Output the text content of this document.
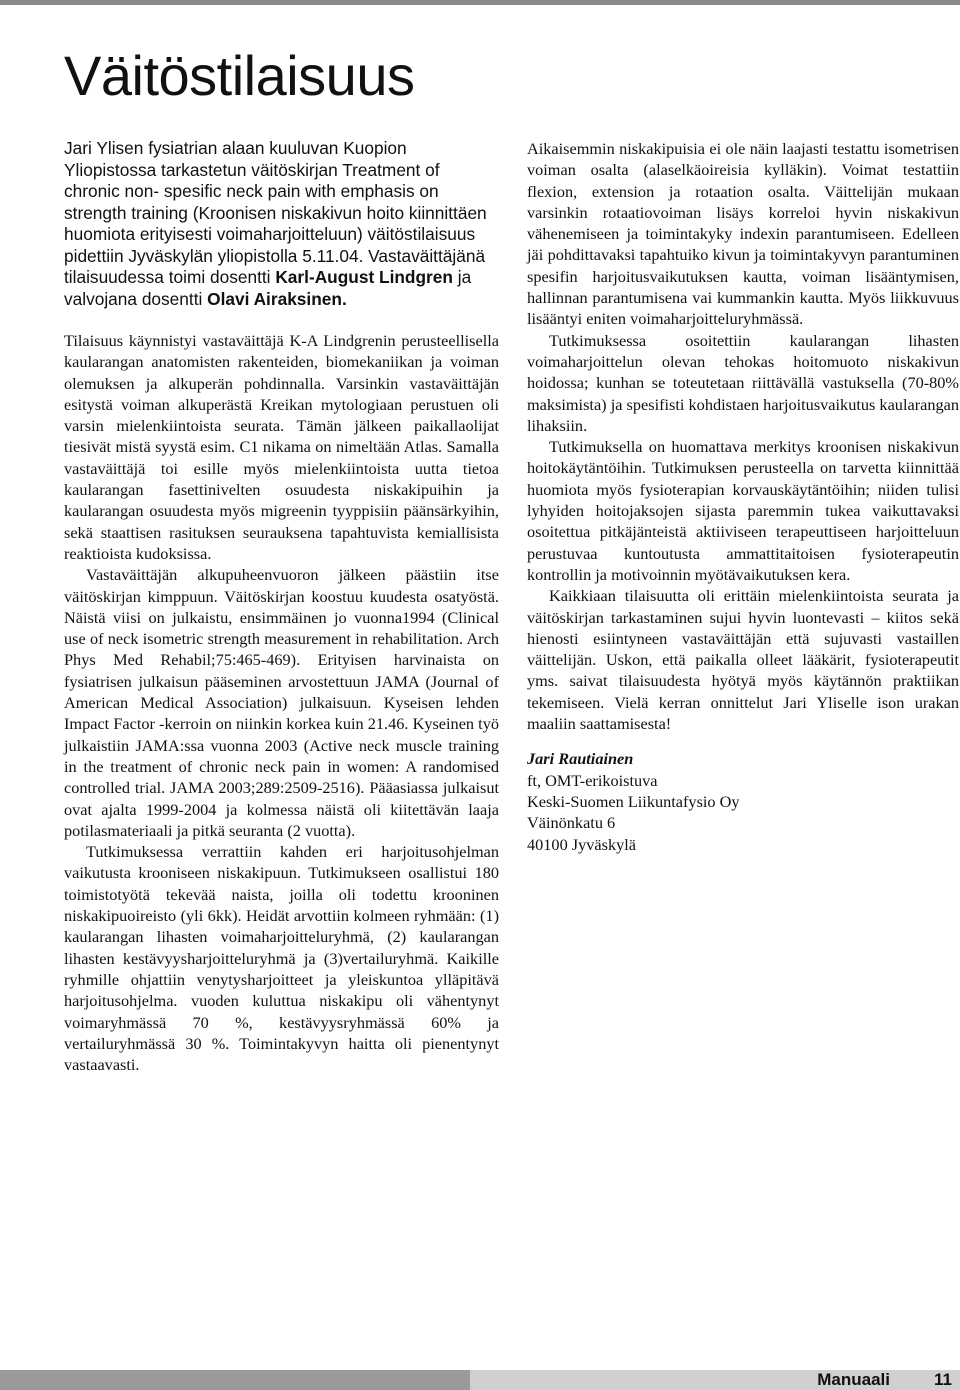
Väitöstilaisuus

Jari Ylisen fysiatrian alaan kuuluvan Kuopion Yliopistossa tarkastetun väitöskirjan Treatment of chronic non- spesific neck pain with emphasis on strength training (Kroonisen niskakivun hoito kiinnittäen huomiota erityisesti voimaharjoitteluun) väitöstilaisuus pidettiin Jyväskylän yliopistolla 5.11.04. Vastaväittäjänä tilaisuudessa toimi dosentti Karl-August Lindgren ja valvojana dosentti Olavi Airaksinen.

Tilaisuus käynnistyi vastaväittäjä K-A Lindgrenin perusteellisella kaularangan anatomisten rakenteiden, biomekaniikan ja voiman olemuksen ja alkuperän pohdinnalla. Varsinkin vastaväittäjän esitystä voiman alkuperästä Kreikan mytologiaan perustuen oli varsin mielenkiintoista seurata. Tämän jälkeen paikallaolijat tiesivät mistä syystä esim. C1 nikama on nimeltään Atlas. Samalla vastaväittäjä toi esille myös mielenkiintoista uutta tietoa kaularangan fasettinivelten osuudesta niskakipuihin ja kaularangan osuudesta myös migreenin tyyppisiin päänsärkyihin, sekä staattisen rasituksen seurauksena tapahtuvista kemiallisista reaktioista kudoksissa.

Vastaväittäjän alkupuheenvuoron jälkeen päästiin itse väitöskirjan kimppuun. Väitöskirjan koostuu kuudesta osatyöstä. Näistä viisi on julkaistu, ensimmäinen jo vuonna1994 (Clinical use of neck isometric strength measurement in rehabilitation. Arch Phys Med Rehabil;75:465-469). Erityisen harvinaista on fysiatrisen julkaisun pääseminen arvostettuun JAMA (Journal of American Medical Association) julkaisuun. Kyseisen lehden Impact Factor -kerroin on niinkin korkea kuin 21.46. Kyseinen työ julkaistiin JAMA:ssa vuonna 2003 (Active neck muscle training in the treatment of chronic neck pain in women: A randomised controlled trial. JAMA 2003;289:2509-2516). Pääasiassa julkaisut ovat ajalta 1999-2004 ja kolmessa näistä oli kiitettävän laaja potilasmateriaali ja pitkä seuranta (2 vuotta).

Tutkimuksessa verrattiin kahden eri harjoitusohjelman vaikutusta krooniseen niskakipuun. Tutkimukseen osallistui 180 toimistotyötä tekevää naista, joilla oli todettu krooninen niskakipuoireisto (yli 6kk). Heidät arvottiin kolmeen ryhmään: (1) kaularangan lihasten voimaharjoitteluryhmä, (2) kaularangan lihasten kestävyysharjoitteluryhmä ja (3)vertailuryhmä. Kaikille ryhmille ohjattiin venytysharjoitteet ja yleiskuntoa ylläpitävä harjoitusohjelma. vuoden kuluttua niskakipu oli vähentynyt voimaryhmässä 70 %, kestävyysryhmässä 60% ja vertailuryhmässä 30 %. Toimintakyvyn haitta oli pienentynyt vastaavasti.

Aikaisemmin niskakipuisia ei ole näin laajasti testattu isometrisen voiman osalta (alaselkäoireisia kylläkin). Voimat testattiin flexion, extension ja rotaation osalta. Väittelijän mukaan varsinkin rotaatiovoiman lisäys korreloi hyvin niskakivun vähenemiseen ja toimintakyky indexin parantumiseen. Edelleen jäi pohdittavaksi tapahtuiko kivun ja toimintakyvyn parantuminen spesifin harjoitusvaikutuksen kautta, voiman lisääntymisen, hallinnan parantumisena vai kummankin kautta. Myös liikkuvuus lisääntyi eniten voimaharjoitteluryhmässä.

Tutkimuksessa osoitettiin kaularangan lihasten voimaharjoittelun olevan tehokas hoitomuoto niskakivun hoidossa; kunhan se toteutetaan riittävällä vastuksella (70-80% maksimista) ja spesifisti kohdistaen harjoitusvaikutus kaularangan lihaksiin.

Tutkimuksella on huomattava merkitys kroonisen niskakivun hoitokäytäntöihin. Tutkimuksen perusteella on tarvetta kiinnittää huomiota myös fysioterapian korvauskäytäntöihin; niiden tulisi lyhyiden hoitojaksojen sijasta paremmin tukea vaikuttavaksi osoitettua pitkäjänteistä aktiiviseen terapeuttiseen harjoitteluun perustuvaa kuntoutusta ammattitaitoisen fysioterapeutin kontrollin ja motivoinnin myötävaikutuksen kera.

Kaikkiaan tilaisuutta oli erittäin mielenkiintoista seurata ja väitöskirjan tarkastaminen sujui hyvin luontevasti – kiitos sekä hienosti esiintyneen vastaväittäjän että sujuvasti vastaillen väittelijän. Uskon, että paikalla olleet lääkärit, fysioterapeutit yms. saivat tilaisuudesta hyötyä myös käytännön praktiikan tekemiseen. Vielä kerran onnittelut Jari Yliselle ison urakan maaliin saattamisesta!

Jari Rautiainen
ft, OMT-erikoistuva
Keski-Suomen Liikuntafysio Oy
Väinönkatu 6
40100 Jyväskylä
Manuaali	11
